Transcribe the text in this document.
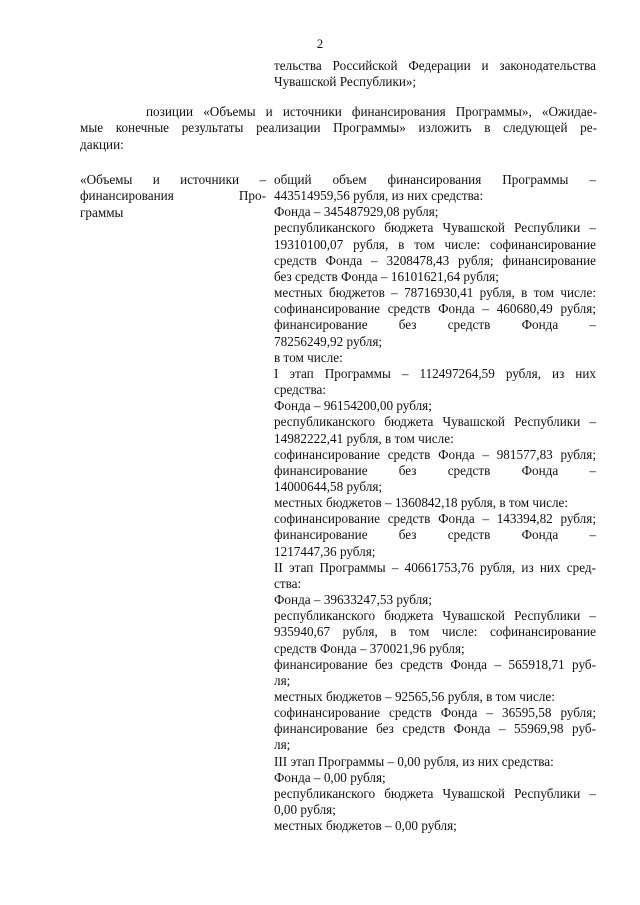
2
тельства Российской Федерации и законодательства
Чувашской Республики»;
позиции «Объемы и источники финансирования Программы», «Ожидае-
мые конечные результаты реализации Программы» изложить в следующей ре-
дакции:
«Объемы и источники –
финансирования Про-
граммы
общий объем финансирования Программы –
443514959,56 рубля, из них средства:
Фонда – 345487929,08 рубля;
республиканского бюджета Чувашской Республики –
19310100,07 рубля, в том числе: софинансирование
средств Фонда – 3208478,43 рубля; финансирование
без средств Фонда – 16101621,64 рубля;
местных бюджетов – 78716930,41 рубля, в том числе:
софинансирование средств Фонда – 460680,49 рубля;
финансирование без средств Фонда –
78256249,92 рубля;
в том числе:
I этап Программы – 112497264,59 рубля, из них
средства:
Фонда – 96154200,00 рубля;
республиканского бюджета Чувашской Республики –
14982222,41 рубля, в том числе:
софинансирование средств Фонда – 981577,83 рубля;
финансирование без средств Фонда –
14000644,58 рубля;
местных бюджетов – 1360842,18 рубля, в том числе:
софинансирование средств Фонда – 143394,82 рубля;
финансирование без средств Фонда –
1217447,36 рубля;
II этап Программы – 40661753,76 рубля, из них сред-
ства:
Фонда – 39633247,53 рубля;
республиканского бюджета Чувашской Республики –
935940,67 рубля, в том числе: софинансирование
средств Фонда – 370021,96 рубля;
финансирование без средств Фонда – 565918,71 руб-
ля;
местных бюджетов – 92565,56 рубля, в том числе:
софинансирование средств Фонда – 36595,58 рубля;
финансирование без средств Фонда – 55969,98 руб-
ля;
III этап Программы – 0,00 рубля, из них средства:
Фонда – 0,00 рубля;
республиканского бюджета Чувашской Республики –
0,00 рубля;
местных бюджетов – 0,00 рубля;
